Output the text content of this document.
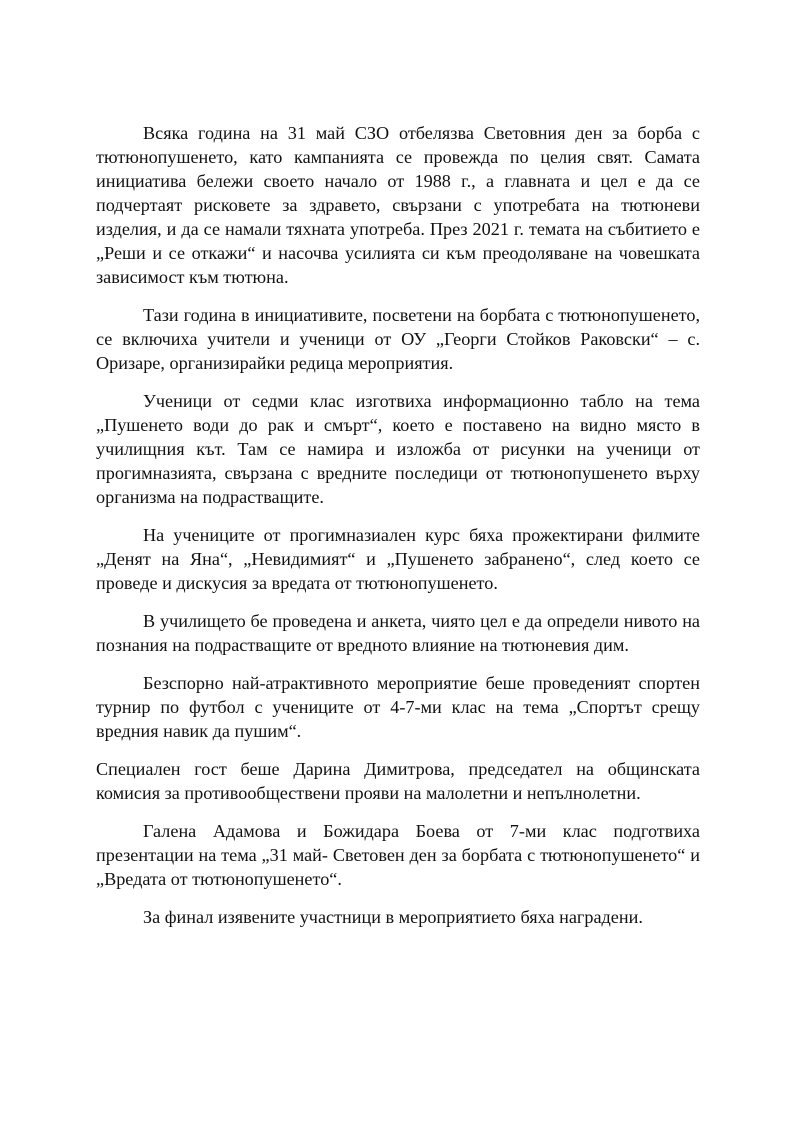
Всяка година на 31 май СЗО отбелязва Световния ден за борба с тютюнопушенето, като кампанията се провежда по целия свят. Самата инициатива бележи своето начало от 1988 г., а главната и цел е да се подчертаят рисковете за здравето, свързани с употребата на тютюневи изделия, и да се намали тяхната употреба. През 2021 г. темата на събитието е „Реши и се откажи“ и насочва усилията си към преодоляване на човешката зависимост към тютюна.

Тази година в инициативите, посветени на борбата с тютюнопушенето, се включиха учители и ученици от ОУ „Георги Стойков Раковски“ – с. Оризаре, организирайки редица мероприятия.

Ученици от седми клас изготвиха информационно табло на тема „Пушенето води до рак и смърт“, което е поставено на видно място в училищния кът. Там се намира и изложба от рисунки на ученици от прогимназията, свързана с вредните последици от тютюнопушенето върху организма на подрастващите.

На учениците от прогимназиален курс бяха прожектирани филмите „Денят на Яна“, „Невидимият“ и „Пушенето забранено“, след което се проведе и дискусия за вредата от тютюнопушенето.

В училището бе проведена и анкета, чиято цел е да определи нивото на познания на подрастващите от вредното влияние на тютюневия дим.

Безспорно най-атрактивното мероприятие беше проведеният спортен турнир по футбол с учениците от 4-7-ми клас на тема „Спортът срещу вредния навик да пушим“.

Специален гост беше Дарина Димитрова, председател на общинската комисия за противообществени прояви на малолетни и непълнолетни.

Галена Адамова и Божидара Боева от 7-ми клас подготвиха презентации на тема „31 май- Световен ден за борбата с тютюнопушенето“ и „Вредата от тютюнопушенето“.

За финал изявените участници в мероприятието бяха наградени.
